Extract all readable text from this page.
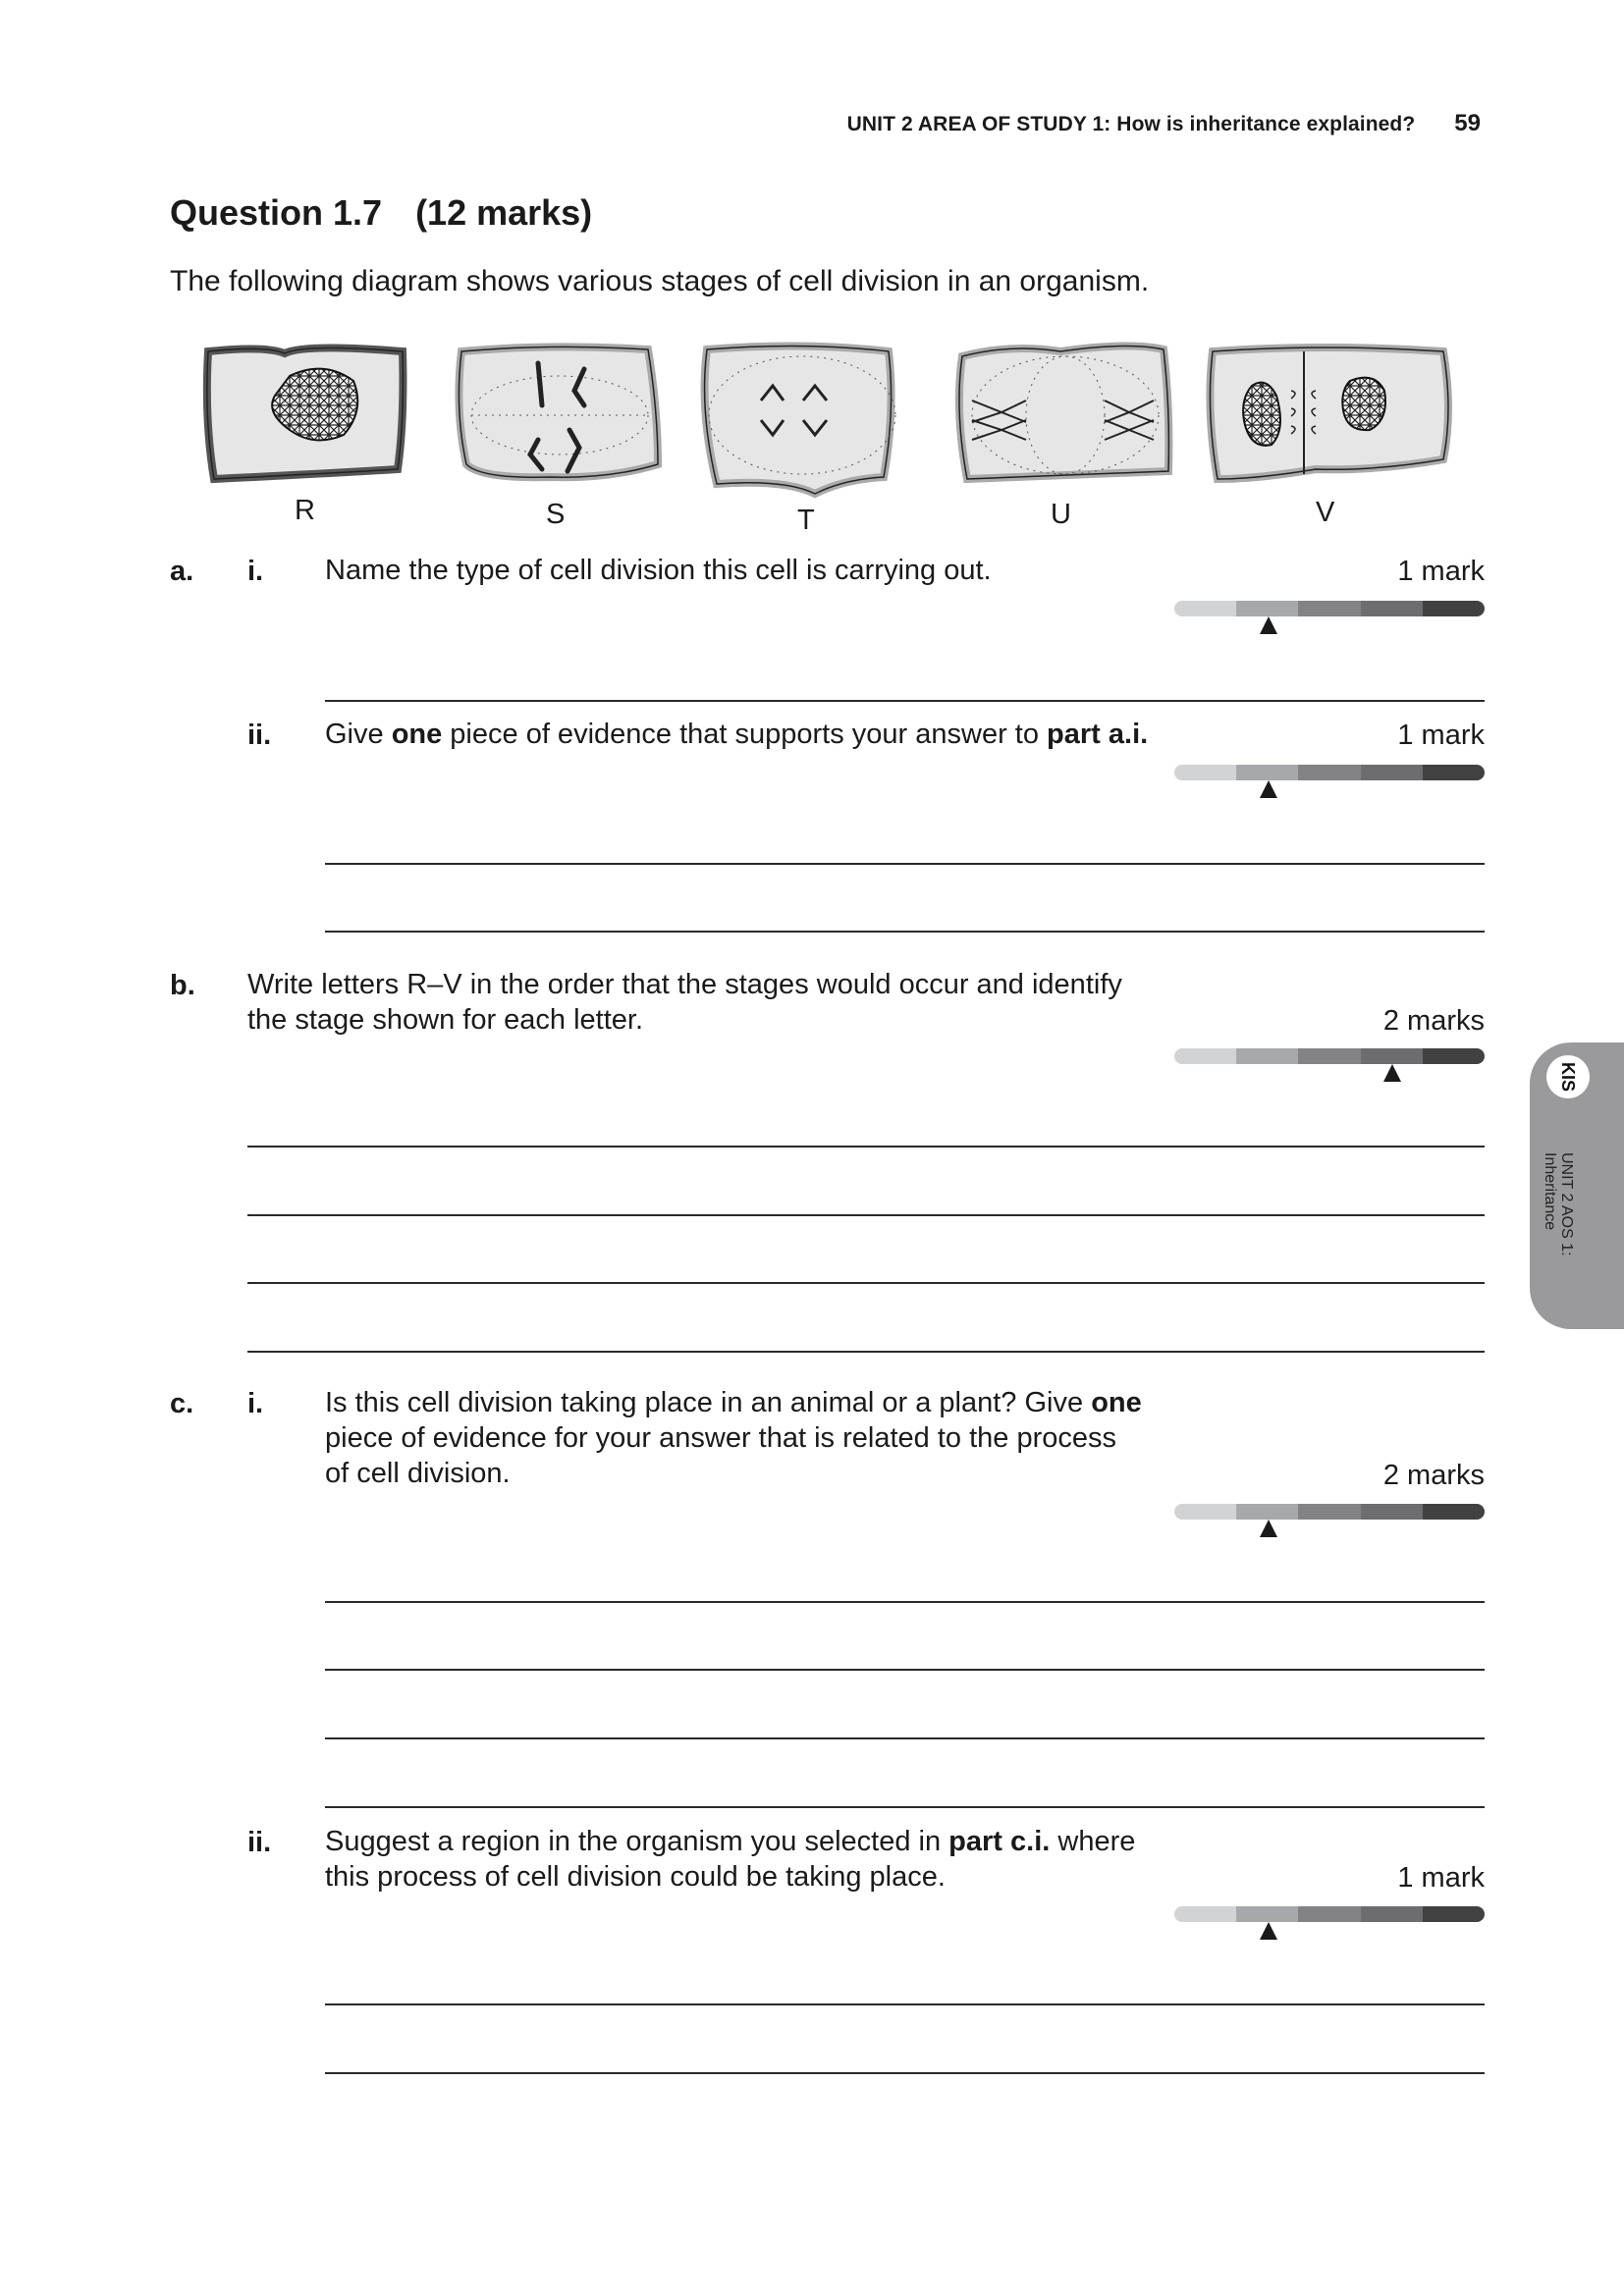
UNIT 2 AREA OF STUDY 1: How is inheritance explained? 59
Question 1.7 (12 marks)
The following diagram shows various stages of cell division in an organism.
R	S	T	U	V
a. i. Name the type of cell division this cell is carrying out.	1 mark
ii. Give one piece of evidence that supports your answer to part a.i.	1 mark
b. Write letters R–V in the order that the stages would occur and identify
the stage shown for each letter.	2 marks
c. i. Is this cell division taking place in an animal or a plant? Give one
piece of evidence for your answer that is related to the process
of cell division.	2 marks
ii. Suggest a region in the organism you selected in part c.i. where
this process of cell division could be taking place.	1 mark
KIS
UNIT 2 AOS 1:
Inheritance
